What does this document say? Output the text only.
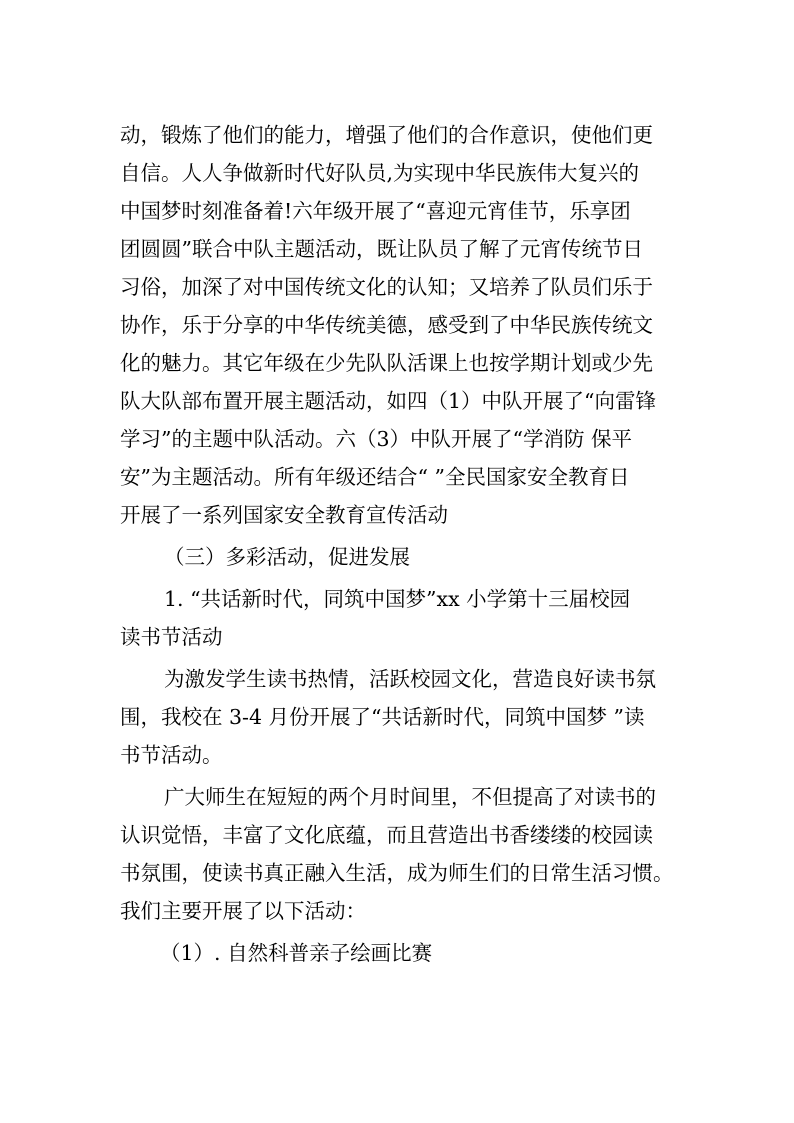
动，锻炼了他们的能力，增强了他们的合作意识，使他们更
自信。人人争做新时代好队员,为实现中华民族伟大复兴的
中国梦时刻准备着!六年级开展了“喜迎元宵佳节，乐享团
团圆圆”联合中队主题活动，既让队员了解了元宵传统节日
习俗，加深了对中国传统文化的认知；又培养了队员们乐于
协作，乐于分享的中华传统美德，感受到了中华民族传统文
化的魅力。其它年级在少先队队活课上也按学期计划或少先
队大队部布置开展主题活动，如四（1）中队开展了“向雷锋
学习”的主题中队活动。六（3）中队开展了“学消防 保平
安”为主题活动。所有年级还结合“ ”全民国家安全教育日
开展了一系列国家安全教育宣传活动
（三）多彩活动，促进发展
1. “共话新时代，同筑中国梦”xx 小学第十三届校园
读书节活动
为激发学生读书热情，活跃校园文化，营造良好读书氛
围，我校在 3-4 月份开展了“共话新时代，同筑中国梦 ”读
书节活动。
广大师生在短短的两个月时间里，不但提高了对读书的
认识觉悟，丰富了文化底蕴，而且营造出书香缕缕的校园读
书氛围，使读书真正融入生活，成为师生们的日常生活习惯。
我们主要开展了以下活动：
（1）. 自然科普亲子绘画比赛
